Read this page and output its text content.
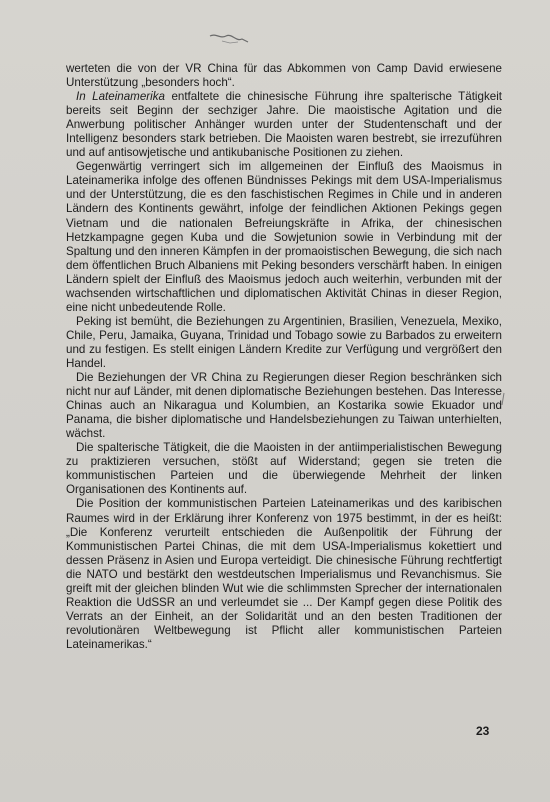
werteten die von der VR China für das Abkommen von Camp David erwiesene Unterstützung „besonders hoch“.

In Lateinamerika entfaltete die chinesische Führung ihre spalterische Tätigkeit bereits seit Beginn der sechziger Jahre. Die maoistische Agitation und die Anwerbung politischer Anhänger wurden unter der Studentenschaft und der Intelligenz besonders stark betrieben. Die Maoisten waren bestrebt, sie irrezuführen und auf antisowjetische und antikubanische Positionen zu ziehen.

Gegenwärtig verringert sich im allgemeinen der Einfluß des Maoismus in Lateinamerika infolge des offenen Bündnisses Pekings mit dem USA-Imperialismus und der Unterstützung, die es den faschistischen Regimes in Chile und in anderen Ländern des Kontinents gewährt, infolge der feindlichen Aktionen Pekings gegen Vietnam und die nationalen Befreiungskräfte in Afrika, der chinesischen Hetzkampagne gegen Kuba und die Sowjetunion sowie in Verbindung mit der Spaltung und den inneren Kämpfen in der promaoistischen Bewegung, die sich nach dem öffentlichen Bruch Albaniens mit Peking besonders verschärft haben. In einigen Ländern spielt der Einfluß des Maoismus jedoch auch weiterhin, verbunden mit der wachsenden wirtschaftlichen und diplomatischen Aktivität Chinas in dieser Region, eine nicht unbedeutende Rolle.

Peking ist bemüht, die Beziehungen zu Argentinien, Brasilien, Venezuela, Mexiko, Chile, Peru, Jamaika, Guyana, Trinidad und Tobago sowie zu Barbados zu erweitern und zu festigen. Es stellt einigen Ländern Kredite zur Verfügung und vergrößert den Handel.

Die Beziehungen der VR China zu Regierungen dieser Region beschränken sich nicht nur auf Länder, mit denen diplomatische Beziehungen bestehen. Das Interesse Chinas auch an Nikaragua und Kolumbien, an Kostarika sowie Ekuador und Panama, die bisher diplomatische und Handelsbeziehungen zu Taiwan unterhielten, wächst.

Die spalterische Tätigkeit, die die Maoisten in der antiimperialistischen Bewegung zu praktizieren versuchen, stößt auf Widerstand; gegen sie treten die kommunistischen Parteien und die überwiegende Mehrheit der linken Organisationen des Kontinents auf.

Die Position der kommunistischen Parteien Lateinamerikas und des karibischen Raumes wird in der Erklärung ihrer Konferenz von 1975 bestimmt, in der es heißt: „Die Konferenz verurteilt entschieden die Außenpolitik der Führung der Kommunistischen Partei Chinas, die mit dem USA-Imperialismus kokettiert und dessen Präsenz in Asien und Europa verteidigt. Die chinesische Führung rechtfertigt die NATO und bestärkt den westdeutschen Imperialismus und Revanchismus. Sie greift mit der gleichen blinden Wut wie die schlimmsten Sprecher der internationalen Reaktion die UdSSR an und verleumdet sie ... Der Kampf gegen diese Politik des Verrats an der Einheit, an der Solidarität und an den besten Traditionen der revolutionären Weltbewegung ist Pflicht aller kommunistischen Parteien Lateinamerikas.“

23
